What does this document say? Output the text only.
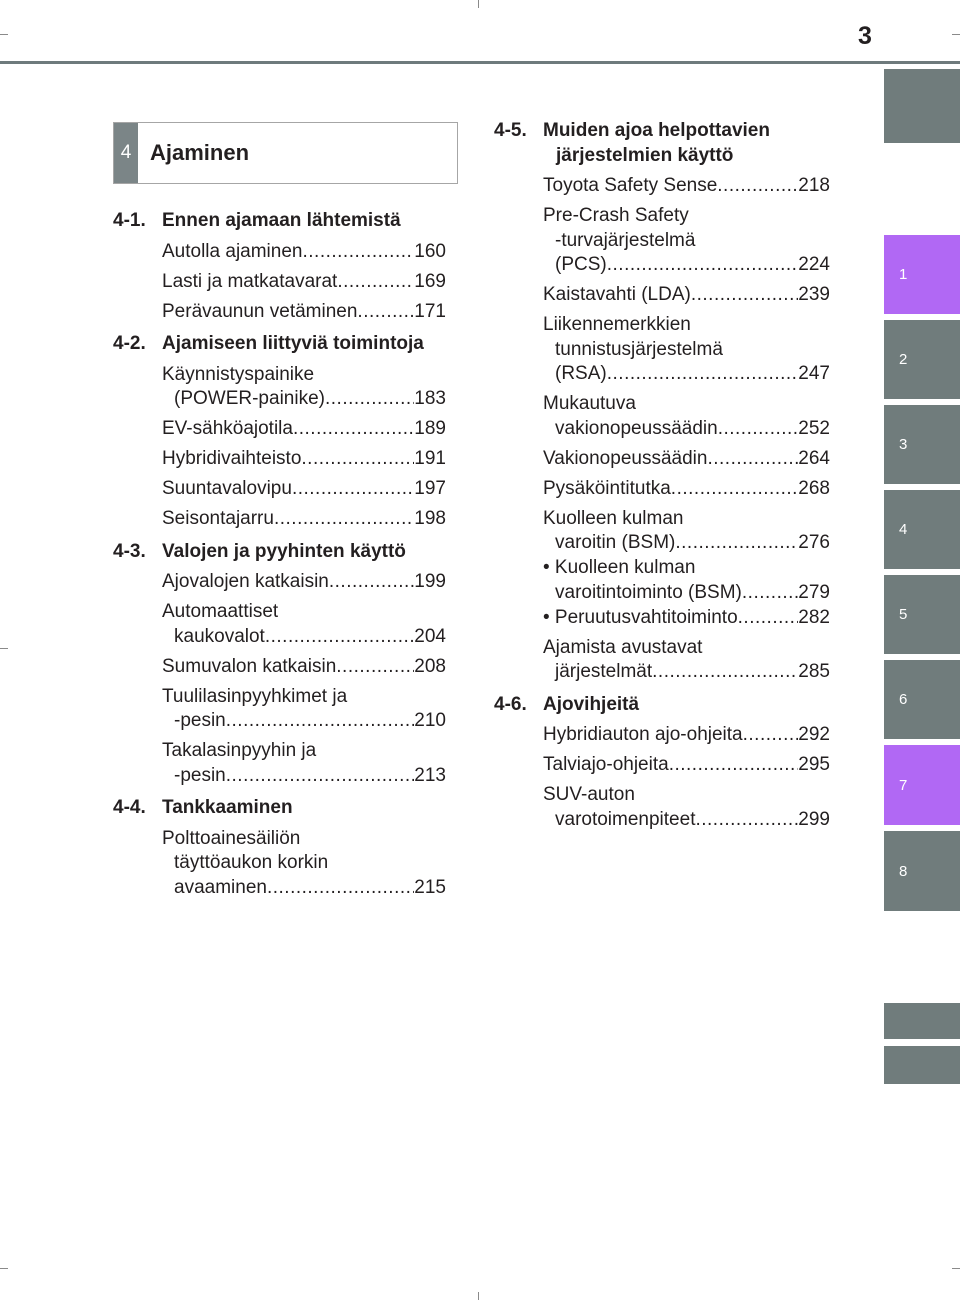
3
1
2
3
4
5
6
7
8
4 Ajaminen
4-1. Ennen ajamaan lähtemistä
Autolla ajaminen .....	160
Lasti ja matkatavarat .....	169
Perävaunun vetäminen .....	171
4-2. Ajamiseen liittyviä toimintoja
Käynnistyspainike
(POWER-painike) .....	183
EV-sähköajotila .....	189
Hybridivaihteisto .....	191
Suuntavalovipu .....	197
Seisontajarru .....	198
4-3. Valojen ja pyyhinten käyttö
Ajovalojen katkaisin .....	199
Automaattiset
kaukovalot .....	204
Sumuvalon katkaisin .....	208
Tuulilasinpyyhkimet ja
-pesin .....	210
Takalasinpyyhin ja
-pesin .....	213
4-4. Tankkaaminen
Polttoainesäiliön
täyttöaukon korkin
avaaminen .....	215
4-5. Muiden ajoa helpottavien järjestelmien käyttö
Toyota Safety Sense .....	218
Pre-Crash Safety
-turvajärjestelmä
(PCS) .....	224
Kaistavahti (LDA) .....	239
Liikennemerkkien
tunnistusjärjestelmä
(RSA) .....	247
Mukautuva
vakionopeussäädin .....	252
Vakionopeussäädin .....	264
Pysäköintitutka .....	268
Kuolleen kulman
varoitin (BSM) .....	276
• Kuolleen kulman
varoitintoiminto (BSM) .....	279
• Peruutusvahtitoiminto .....	282
Ajamista avustavat
järjestelmät .....	285
4-6. Ajovihjeitä
Hybridiauton ajo-ohjeita .....	292
Talviajo-ohjeita .....	295
SUV-auton
varotoimenpiteet .....	299
